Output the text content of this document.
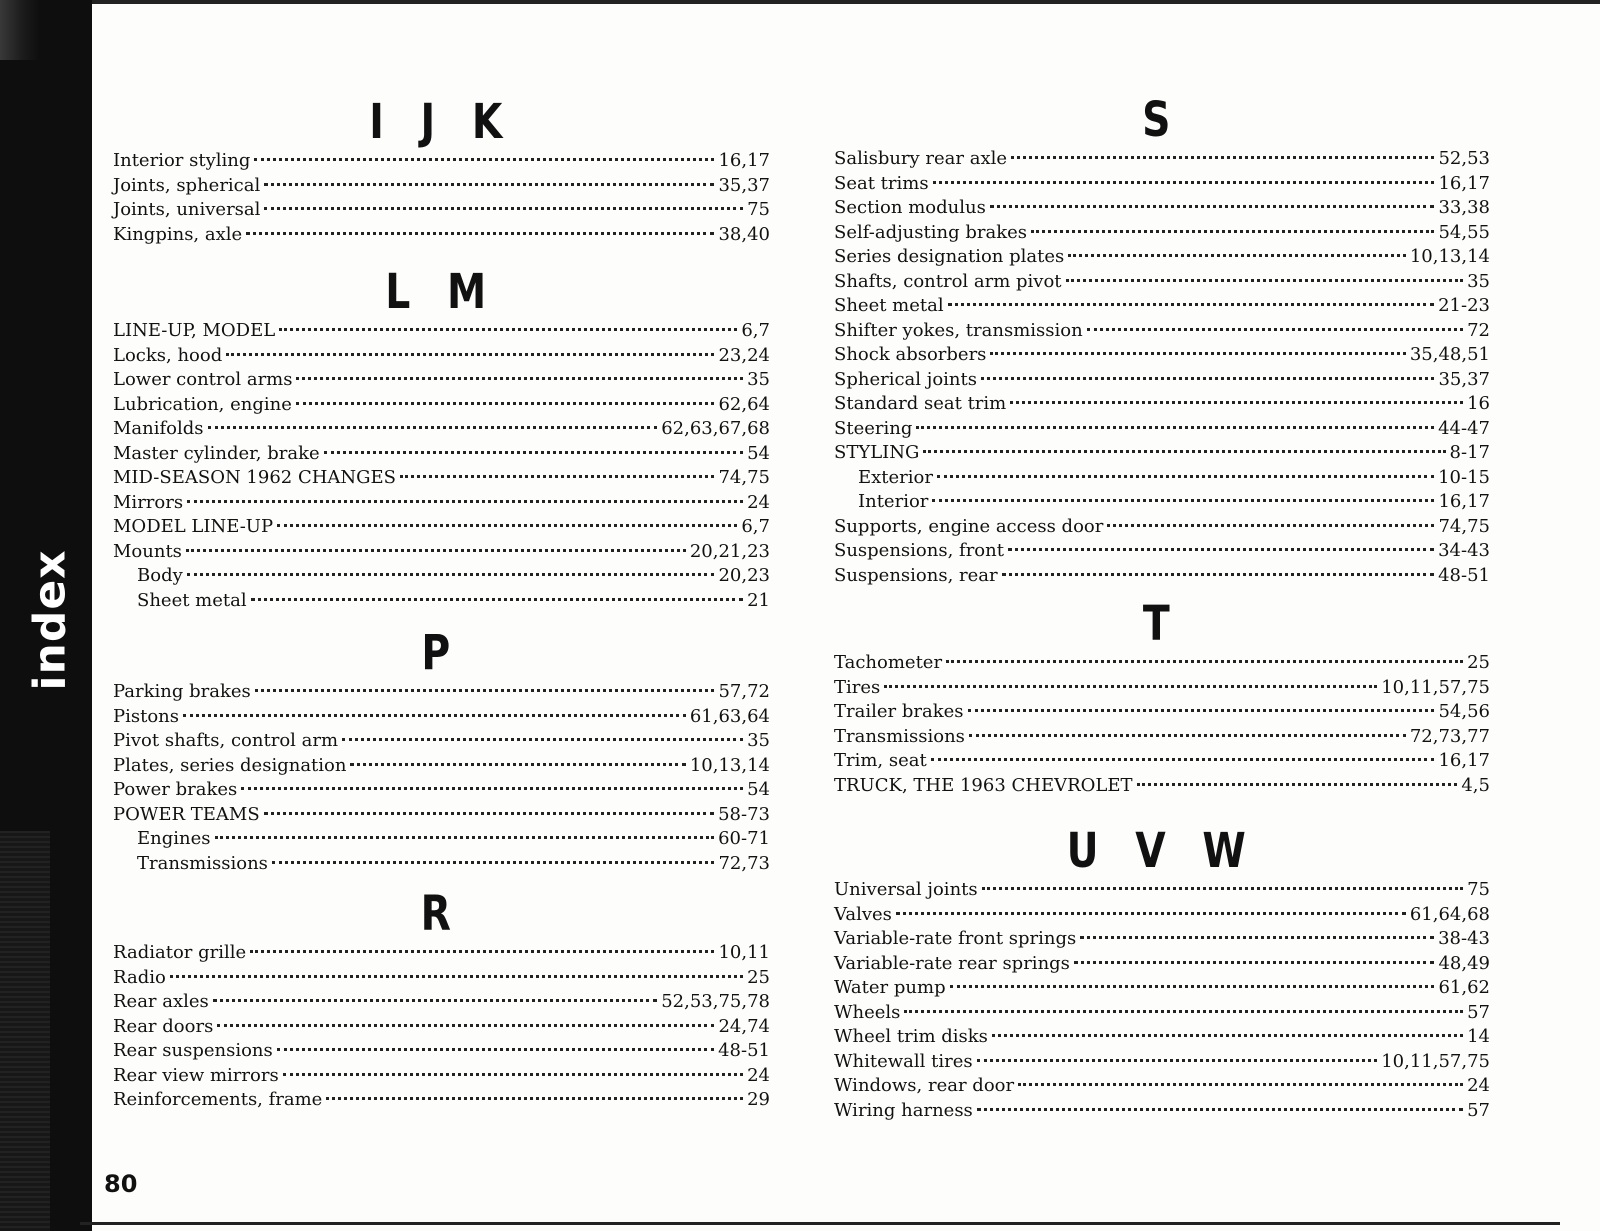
index
I J K
Interior styling	16,17
Joints, spherical	35,37
Joints, universal	75
Kingpins, axle	38,40
L M
LINE-UP, MODEL	6,7
Locks, hood	23,24
Lower control arms	35
Lubrication, engine	62,64
Manifolds	62,63,67,68
Master cylinder, brake	54
MID-SEASON 1962 CHANGES	74,75
Mirrors	24
MODEL LINE-UP	6,7
Mounts	20,21,23
Body	20,23
Sheet metal	21
P
Parking brakes	57,72
Pistons	61,63,64
Pivot shafts, control arm	35
Plates, series designation	10,13,14
Power brakes	54
POWER TEAMS	58-73
Engines	60-71
Transmissions	72,73
R
Radiator grille	10,11
Radio	25
Rear axles	52,53,75,78
Rear doors	24,74
Rear suspensions	48-51
Rear view mirrors	24
Reinforcements, frame	29
S
Salisbury rear axle	52,53
Seat trims	16,17
Section modulus	33,38
Self-adjusting brakes	54,55
Series designation plates	10,13,14
Shafts, control arm pivot	35
Sheet metal	21-23
Shifter yokes, transmission	72
Shock absorbers	35,48,51
Spherical joints	35,37
Standard seat trim	16
Steering	44-47
STYLING	8-17
Exterior	10-15
Interior	16,17
Supports, engine access door	74,75
Suspensions, front	34-43
Suspensions, rear	48-51
T
Tachometer	25
Tires	10,11,57,75
Trailer brakes	54,56
Transmissions	72,73,77
Trim, seat	16,17
TRUCK, THE 1963 CHEVROLET	4,5
U V W
Universal joints	75
Valves	61,64,68
Variable-rate front springs	38-43
Variable-rate rear springs	48,49
Water pump	61,62
Wheels	57
Wheel trim disks	14
Whitewall tires	10,11,57,75
Windows, rear door	24
Wiring harness	57
80
